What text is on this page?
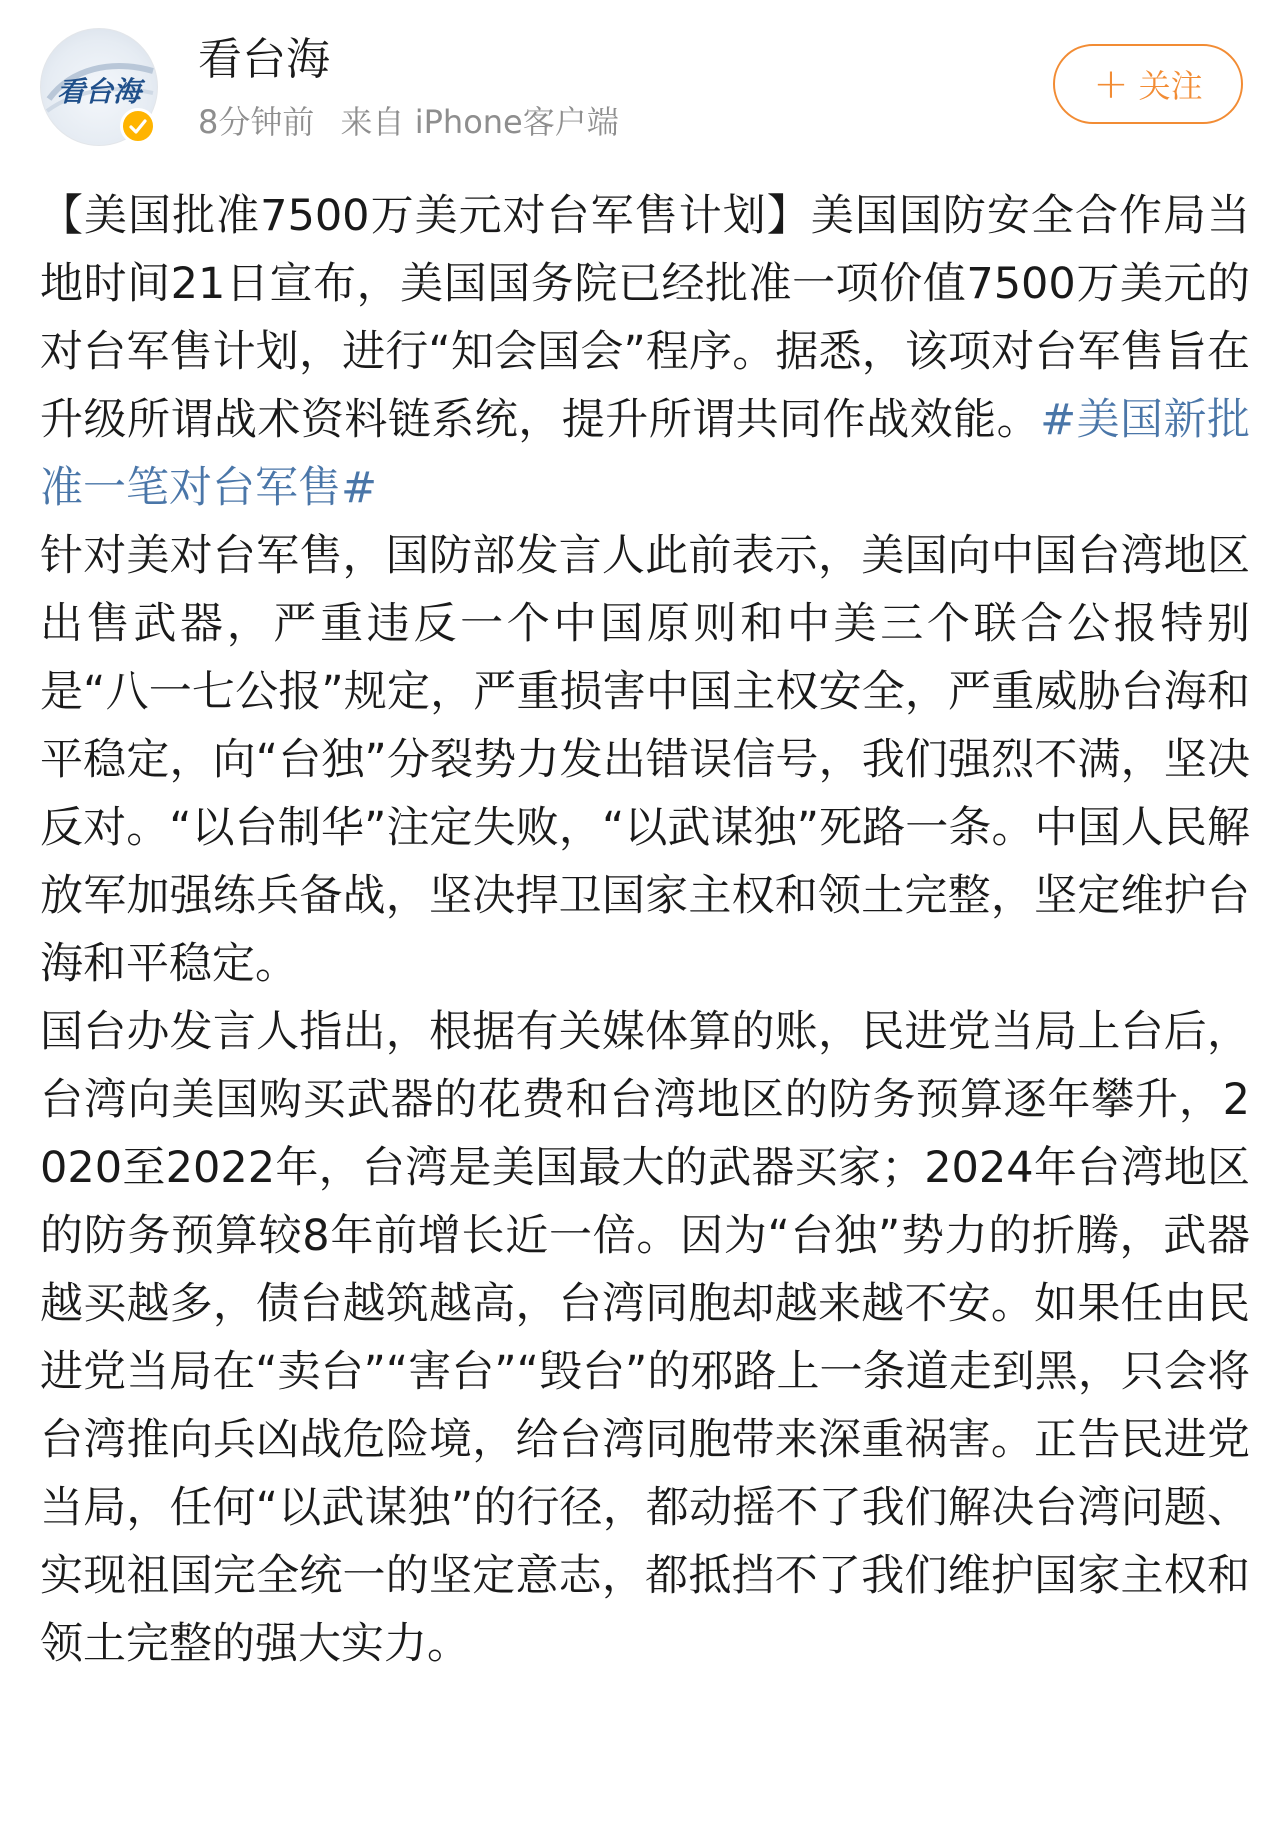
看台海
看台海
8分钟前 来自 iPhone客户端
+ 关注

【美国批准7500万美元对台军售计划】美国国防安全合作局当地时间21日宣布，美国国务院已经批准一项价值7500万美元的对台军售计划，进行“知会国会”程序。据悉，该项对台军售旨在升级所谓战术资料链系统，提升所谓共同作战效能。#美国新批准一笔对台军售#

针对美对台军售，国防部发言人此前表示，美国向中国台湾地区出售武器，严重违反一个中国原则和中美三个联合公报特别是“八一七公报”规定，严重损害中国主权安全，严重威胁台海和平稳定，向“台独”分裂势力发出错误信号，我们强烈不满，坚决反对。“以台制华”注定失败，“以武谋独”死路一条。中国人民解放军加强练兵备战，坚决捍卫国家主权和领土完整，坚定维护台海和平稳定。

国台办发言人指出，根据有关媒体算的账，民进党当局上台后，台湾向美国购买武器的花费和台湾地区的防务预算逐年攀升，2020至2022年，台湾是美国最大的武器买家；2024年台湾地区的防务预算较8年前增长近一倍。因为“台独”势力的折腾，武器越买越多，债台越筑越高，台湾同胞却越来越不安。如果任由民进党当局在“卖台”“害台”“毁台”的邪路上一条道走到黑，只会将台湾推向兵凶战危险境，给台湾同胞带来深重祸害。正告民进党当局，任何“以武谋独”的行径，都动摇不了我们解决台湾问题、实现祖国完全统一的坚定意志，都抵挡不了我们维护国家主权和领土完整的强大实力。
